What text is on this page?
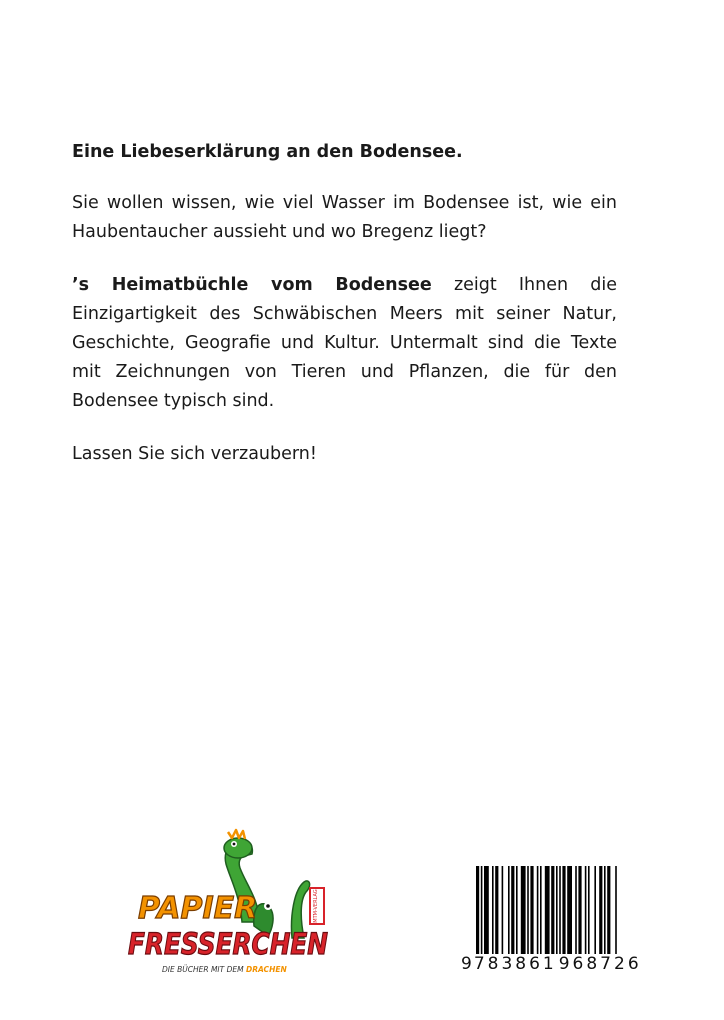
Eine Liebeserklärung an den Bodensee.

Sie wollen wissen, wie viel Wasser im Bodensee ist, wie ein Haubentaucher aussieht und wo Bregenz liegt?

’s Heimatbüchle vom Bodensee zeigt Ihnen die Einzigartigkeit des Schwäbischen Meers mit seiner Natur, Geschichte, Geografie und Kultur. Untermalt sind die Texte mit Zeichnungen von Tieren und Pflanzen, die für den Bodensee typisch sind.

Lassen Sie sich verzaubern!

MTM-VERLAG
PAPIER
FRESSERCHEN
DIE BÜCHER MIT DEM DRACHEN	9 783861 968726
